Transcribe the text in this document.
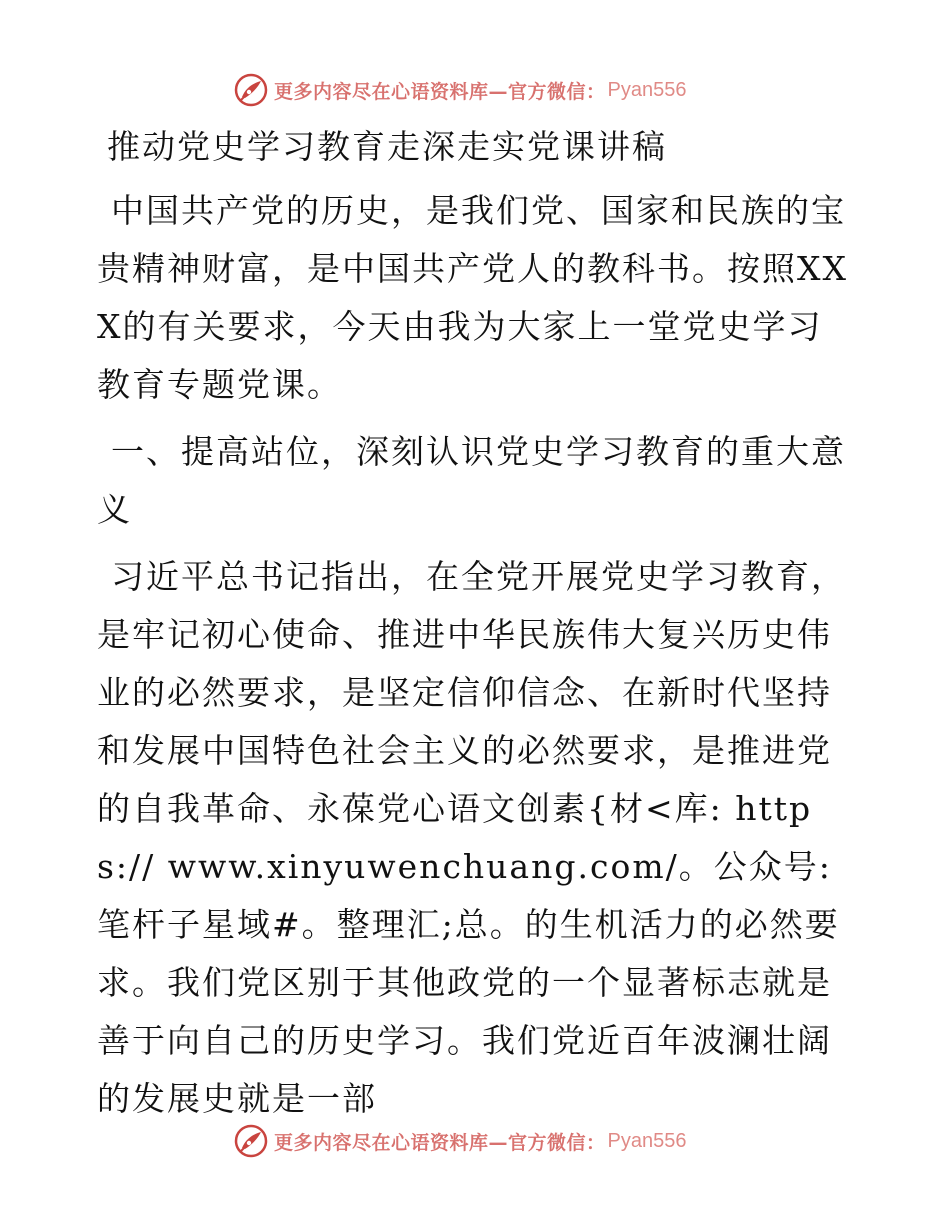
更多内容尽在心语资料库—官方微信： Pyan556
推动党史学习教育走深走实党课讲稿

中国共产党的历史，是我们党、国家和民族的宝贵精神财富，是中国共产党人的教科书。按照XXX的有关要求，今天由我为大家上一堂党史学习教育专题党课。

一、提高站位，深刻认识党史学习教育的重大意义

习近平总书记指出，在全党开展党史学习教育，是牢记初心使命、推进中华民族伟大复兴历史伟业的必然要求，是坚定信仰信念、在新时代坚持和发展中国特色社会主义的必然要求，是推进党的自我革命、永葆党心语文创素{材<库: https:// www.xinyuwenchuang.com/。公众号: 笔杆子星域#。整理汇;总。的生机活力的必然要求。我们党区别于其他政党的一个显著标志就是善于向自己的历史学习。我们党近百年波澜壮阔的发展史就是一部

更多内容尽在心语资料库—官方微信： Pyan556
